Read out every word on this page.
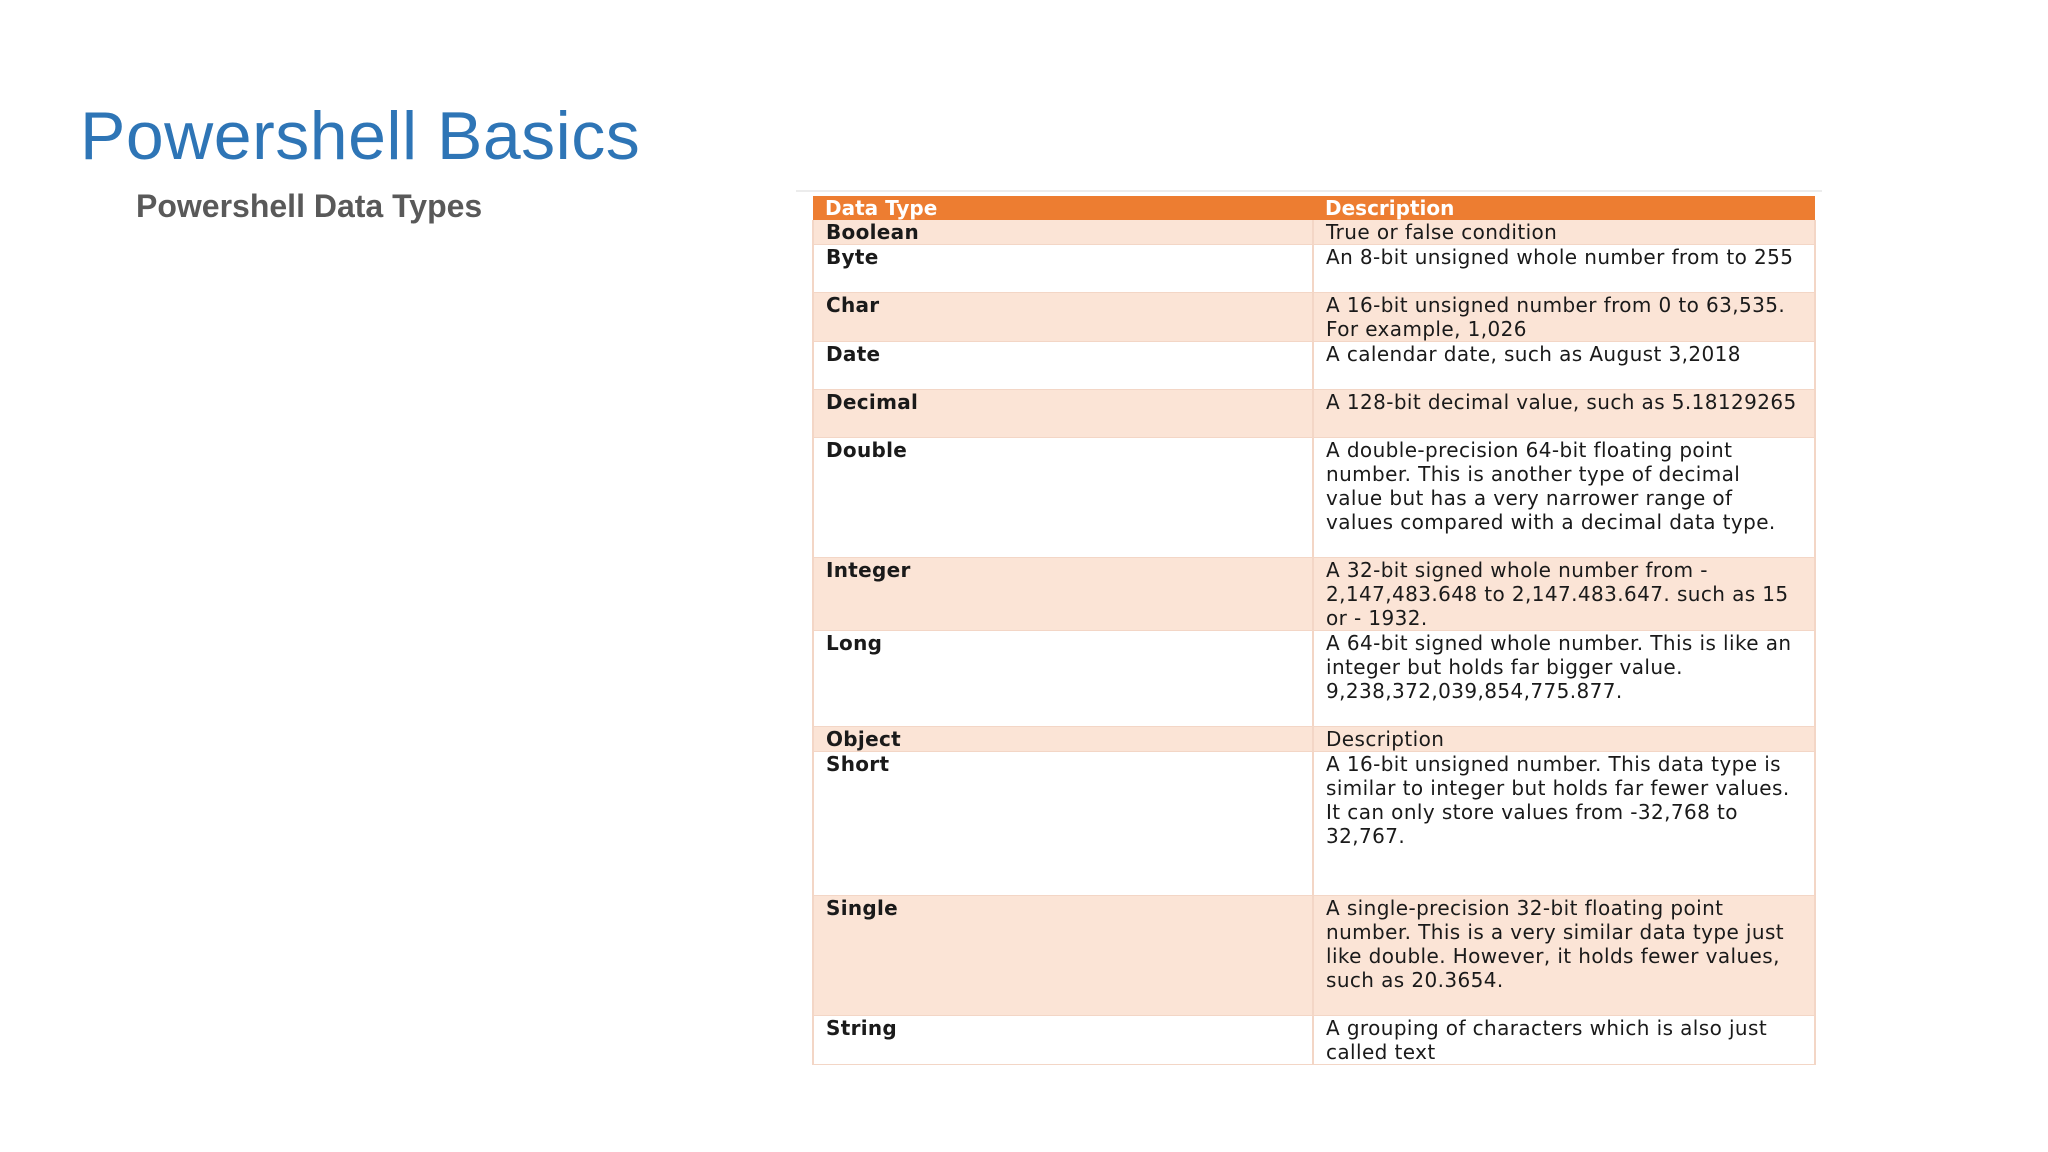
Powershell Basics
Powershell Data Types	Data Type	Description
Boolean	True or false condition
Byte	An 8-bit unsigned whole number from to 255
Char	A 16-bit unsigned number from 0 to 63,535. For example, 1,026
Date	A calendar date, such as August 3,2018
Decimal	A 128-bit decimal value, such as 5.18129265
Double	A double-precision 64-bit floating point number. This is another type of decimal value but has a very narrower range of values compared with a decimal data type.
Integer	A 32-bit signed whole number from - 2,147,483.648 to 2,147.483.647. such as 15 or - 1932.
Long	A 64-bit signed whole number. This is like an integer but holds far bigger value. 9,238,372,039,854,775.877.
Object	Description
Short	A 16-bit unsigned number. This data type is similar to integer but holds far fewer values. It can only store values from -32,768 to 32,767.
Single	A single-precision 32-bit floating point number. This is a very similar data type just like double. However, it holds fewer values, such as 20.3654.
String	A grouping of characters which is also just called text
